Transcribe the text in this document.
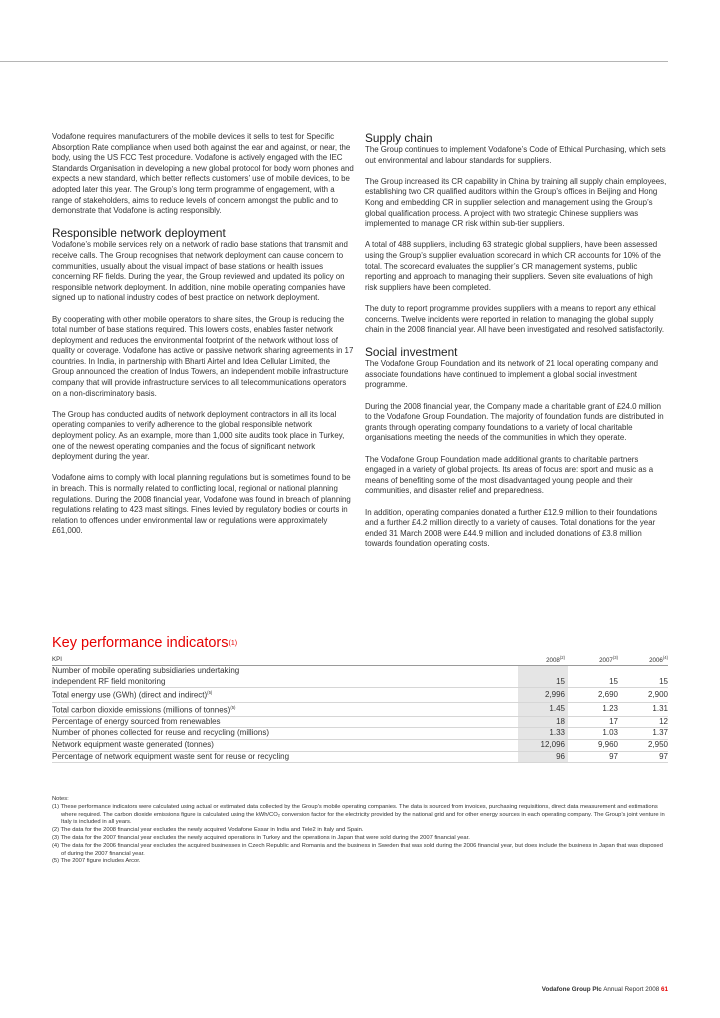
Vodafone requires manufacturers of the mobile devices it sells to test for Specific Absorption Rate compliance when used both against the ear and against, or near, the body, using the US FCC Test procedure. Vodafone is actively engaged with the IEC Standards Organisation in developing a new global protocol for body worn phones and expects a new standard, which better reflects customers’ use of mobile devices, to be adopted later this year. The Group’s long term programme of engagement, with a range of stakeholders, aims to reduce levels of concern amongst the public and to demonstrate that Vodafone is acting responsibly.

Responsible network deployment

Vodafone’s mobile services rely on a network of radio base stations that transmit and receive calls. The Group recognises that network deployment can cause concern to communities, usually about the visual impact of base stations or health issues concerning RF fields. During the year, the Group reviewed and updated its policy on responsible network deployment. In addition, nine mobile operating companies have signed up to national industry codes of best practice on network deployment.

By cooperating with other mobile operators to share sites, the Group is reducing the total number of base stations required. This lowers costs, enables faster network deployment and reduces the environmental footprint of the network without loss of quality or coverage. Vodafone has active or passive network sharing agreements in 17 countries. In India, in partnership with Bharti Airtel and Idea Cellular Limited, the Group announced the creation of Indus Towers, an independent mobile infrastructure company that will provide infrastructure services to all telecommunications operators on a non-discriminatory basis.

The Group has conducted audits of network deployment contractors in all its local operating companies to verify adherence to the global responsible network deployment policy. As an example, more than 1,000 site audits took place in Turkey, one of the newest operating companies and the focus of significant network deployment during the year.

Vodafone aims to comply with local planning regulations but is sometimes found to be in breach. This is normally related to conflicting local, regional or national planning regulations. During the 2008 financial year, Vodafone was found in breach of planning regulations relating to 423 mast sitings. Fines levied by regulatory bodies or courts in relation to offences under environmental law or regulations were approximately £61,000.

Supply chain

The Group continues to implement Vodafone’s Code of Ethical Purchasing, which sets out environmental and labour standards for suppliers.

The Group increased its CR capability in China by training all supply chain employees, establishing two CR qualified auditors within the Group’s offices in Beijing and Hong Kong and embedding CR in supplier selection and management using the Group’s global qualification process. A project with two strategic Chinese suppliers was implemented to manage CR risk within sub-tier suppliers.

A total of 488 suppliers, including 63 strategic global suppliers, have been assessed using the Group’s supplier evaluation scorecard in which CR accounts for 10% of the total. The scorecard evaluates the supplier’s CR management systems, public reporting and approach to managing their suppliers. Seven site evaluations of high risk suppliers have been completed.

The duty to report programme provides suppliers with a means to report any ethical concerns. Twelve incidents were reported in relation to managing the global supply chain in the 2008 financial year. All have been investigated and resolved satisfactorily.

Social investment

The Vodafone Group Foundation and its network of 21 local operating company and associate foundations have continued to implement a global social investment programme.

During the 2008 financial year, the Company made a charitable grant of £24.0 million to the Vodafone Group Foundation. The majority of foundation funds are distributed in grants through operating company foundations to a variety of local charitable organisations meeting the needs of the communities in which they operate.

The Vodafone Group Foundation made additional grants to charitable partners engaged in a variety of global projects. Its areas of focus are: sport and music as a means of benefiting some of the most disadvantaged young people and their communities, and disaster relief and preparedness.

In addition, operating companies donated a further £12.9 million to their foundations and a further £4.2 million directly to a variety of causes. Total donations for the year ended 31 March 2008 were £44.9 million and included donations of £3.8 million towards foundation operating costs.

Key performance indicators$^{(1)}$
KPI	2008$^{(2)}$	2007$^{(3)}$	2006$^{(4)}$
Number of mobile operating subsidiaries undertaking			
independent RF field monitoring	15	15	15
Total energy use (GWh) (direct and indirect)$^{(5)}$	2,996	2,690	2,900
Total carbon dioxide emissions (millions of tonnes)$^{(5)}$	1.45	1.23	1.31
Percentage of energy sourced from renewables	18	17	12
Number of phones collected for reuse and recycling (millions)	1.33	1.03	1.37
Network equipment waste generated (tonnes)	12,096	9,960	2,950
Percentage of network equipment waste sent for reuse or recycling	96	97	97

Notes:

(1) These performance indicators were calculated using actual or estimated data collected by the Group’s mobile operating companies. The data is sourced from invoices, purchasing requisitions, direct data measurement and estimations where required. The carbon dioxide emissions figure is calculated using the kWh/CO₂ conversion factor for the electricity provided by the national grid and for other energy sources in each operating company. The Group’s joint venture in Italy is included in all years.

(2) The data for the 2008 financial year excludes the newly acquired Vodafone Essar in India and Tele2 in Italy and Spain.

(3) The data for the 2007 financial year excludes the newly acquired operations in Turkey and the operations in Japan that were sold during the 2007 financial year.

(4) The data for the 2006 financial year excludes the acquired businesses in Czech Republic and Romania and the business in Sweden that was sold during the 2006 financial year, but does include the business in Japan that was disposed of during the 2007 financial year.

(5) The 2007 figure includes Arcor.

Vodafone Group Plc Annual Report 2008 61
